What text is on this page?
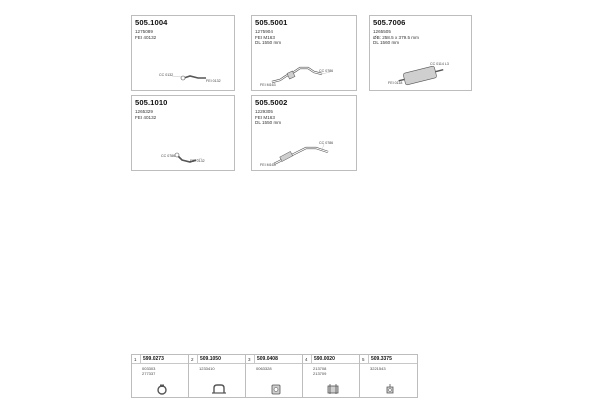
505.1004
1275089
FEI 40132
CC 0132
FEI 0132
505.5001
1275904
FEI M163
DL 1550 mm
FEI M163
CC 0786
505.7006
1265505
ØB: 258.5 x 379.5 mm
DL 1560 mm
CC 0114 L3
FEI 0118
505.1010
1265329
FEI 40132
CC 0786
FEI 0132
505.5002
1229305
FEI M163
DL 1550 mm
CC 0786
FEI M163
1 599.0273
003303
277337
2 509.1050
1233410
3 509.0408
0063328
4 590.0020
213708
213709
5 509.3375
3221543
